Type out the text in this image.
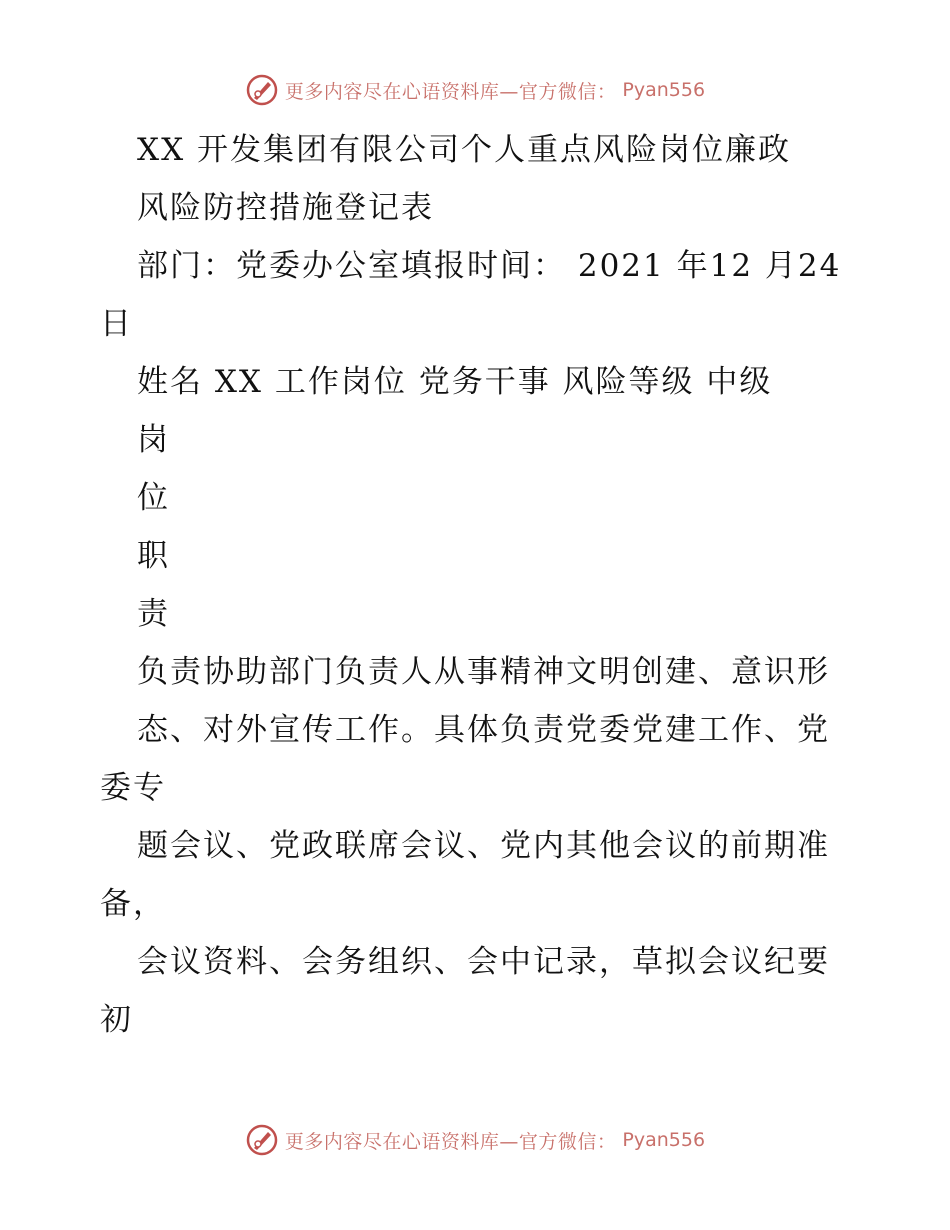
更多内容尽在心语资料库—官方微信： Pyan556
XX 开发集团有限公司个人重点风险岗位廉政
风险防控措施登记表
部门：党委办公室填报时间： 2021 年12 月24
日
姓名 XX 工作岗位 党务干事 风险等级 中级
岗
位
职
责
负责协助部门负责人从事精神文明创建、意识形
态、对外宣传工作。具体负责党委党建工作、党
委专
题会议、党政联席会议、党内其他会议的前期准
备，
会议资料、会务组织、会中记录，草拟会议纪要
初
更多内容尽在心语资料库—官方微信： Pyan556
